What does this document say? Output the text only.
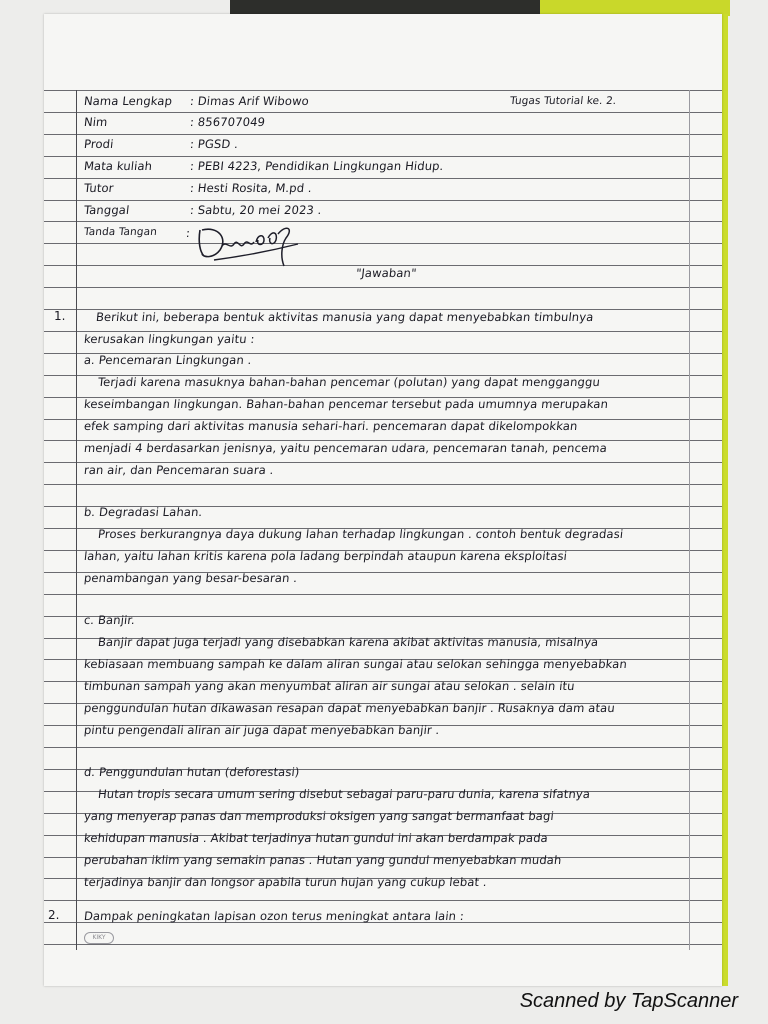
Tugas Tutorial ke. 2.
Nama Lengkap : Dimas Arif Wibowo
Nim	: 856707049
Prodi	: PGSD .
Mata kuliah	: PEBI 4223, Pendidikan Lingkungan Hidup.
Tutor	: Hesti Rosita, M.pd .
Tanggal	: Sabtu, 20 mei 2023 .
Tanda Tangan :
"Jawaban"
1.	Berikut ini, beberapa bentuk aktivitas manusia yang dapat menyebabkan timbulnya
kerusakan lingkungan yaitu :
a. Pencemaran Lingkungan .
Terjadi karena masuknya bahan-bahan pencemar (polutan) yang dapat mengganggu
keseimbangan lingkungan. Bahan-bahan pencemar tersebut pada umumnya merupakan
efek samping dari aktivitas manusia sehari-hari. pencemaran dapat dikelompokkan
menjadi 4 berdasarkan jenisnya, yaitu pencemaran udara, pencemaran tanah, pencema
ran air, dan Pencemaran suara .
b. Degradasi Lahan.
Proses berkurangnya daya dukung lahan terhadap lingkungan . contoh bentuk degradasi
lahan, yaitu lahan kritis karena pola ladang berpindah ataupun karena eksploitasi
penambangan yang besar-besaran .
c. Banjir.
Banjir dapat juga terjadi yang disebabkan karena akibat aktivitas manusia, misalnya
kebiasaan membuang sampah ke dalam aliran sungai atau selokan sehingga menyebabkan
timbunan sampah yang akan menyumbat aliran air sungai atau selokan . selain itu
penggundulan hutan dikawasan resapan dapat menyebabkan banjir . Rusaknya dam atau
pintu pengendali aliran air juga dapat menyebabkan banjir .
d. Penggundulan hutan (deforestasi)
Hutan tropis secara umum sering disebut sebagai paru-paru dunia, karena sifatnya
yang menyerap panas dan memproduksi oksigen yang sangat bermanfaat bagi
kehidupan manusia . Akibat terjadinya hutan gundul ini akan berdampak pada
perubahan iklim yang semakin panas . Hutan yang gundul menyebabkan mudah
terjadinya banjir dan longsor apabila turun hujan yang cukup lebat .
2. Dampak peningkatan lapisan ozon terus meningkat antara lain :
KIKY
Scanned by TapScanner
